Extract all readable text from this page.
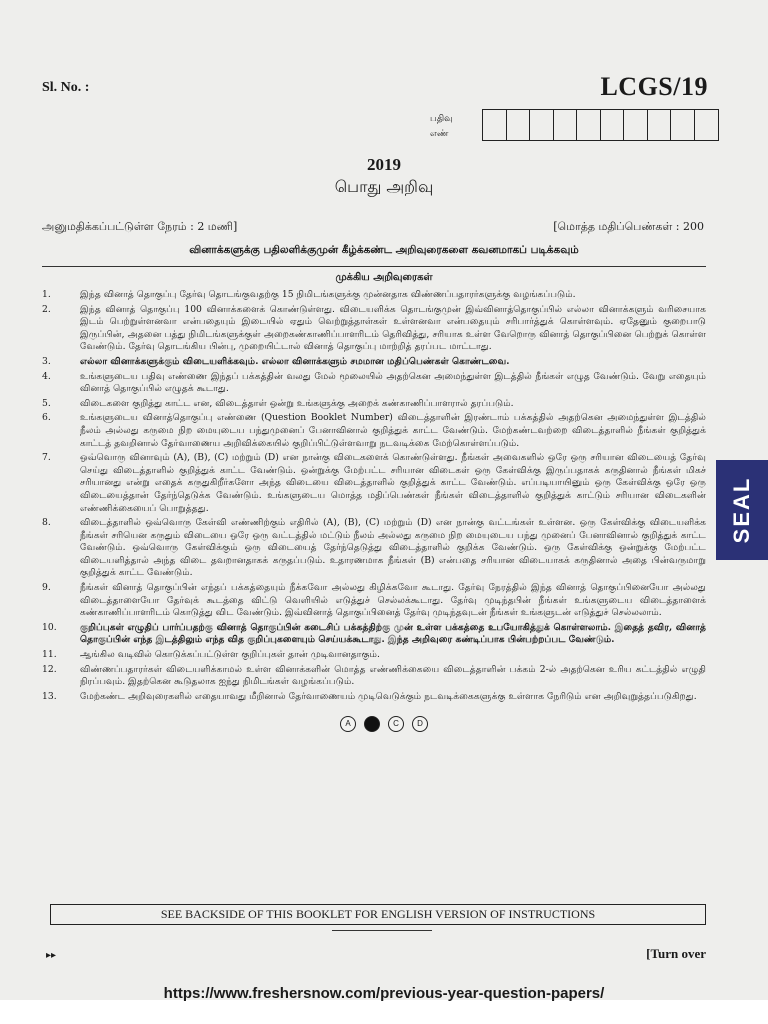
Sl. No. :	LCGS/19
பதிவு
எண்
2019
பொது அறிவு
அனுமதிக்கப்பட்டுள்ள நேரம் : 2 மணி]	[மொத்த மதிப்பெண்கள் : 200
வினாக்களுக்கு பதிலளிக்குமுன் கீழ்க்கண்ட அறிவுரைகளை கவனமாகப் படிக்கவும்
முக்கிய அறிவுரைகள்
1.	இந்த வினாத் தொகுப்பு தேர்வு தொடங்குவதற்கு 15 நிமிடங்களுக்கு முன்னதாக விண்ணப்பதாரர்களுக்கு வழங்கப்படும்.
2.	இந்த வினாத் தொகுப்பு 100 வினாக்களைக் கொண்டுள்ளது. விடையளிக்க தொடங்குமுன் இவ்வினாத்தொகுப்பில் எல்லா வினாக்களும் வரிசையாக இடம் பெற்றுள்ளனவா என்பதையும் இடையில் ஏதும் வெற்றுத்தாள்கள் உள்ளனவா என்பதையும் சரிபார்த்துக் கொள்ளவும். ஏதேனும் குறைபாடு இருப்பின், அதனை பத்து நிமிடங்களுக்குள் அறைகண்காணிப்பாளரிடம் தெரிவித்து, சரியாக உள்ள வேறொரு வினாத் தொகுப்பினை பெற்றுக் கொள்ள வேண்டும். தேர்வு தொடங்கிய பின்பு, முறையிட்டால் வினாத் தொகுப்பு மாற்றித் தரப்பட மாட்டாது.
3.	எல்லா வினாக்களுக்கும் விடையளிக்கவும். எல்லா வினாக்களும் சமமான மதிப்பெண்கள் கொண்டவை.
4.	உங்களுடைய பதிவு எண்ணை இந்தப் பக்கத்தின் வலது மேல் மூலையில் அதற்கென அமைந்துள்ள இடத்தில் நீங்கள் எழுத வேண்டும். வேறு எதையும் வினாத் தொகுப்பில் எழுதக் கூடாது.
5.	விடைகளை குறித்து காட்ட என, விடைத்தாள் ஒன்று உங்களுக்கு அறைக் கண்காணிப்பாளரால் தரப்படும்.
6.	உங்களுடைய வினாத்தொகுப்பு எண்ணை (Question Booklet Number) விடைத்தாளின் இரண்டாம் பக்கத்தில் அதற்கென அமைந்துள்ள இடத்தில் நீலம் அல்லது கருமை நிற மையுடைய பந்துமுனைப் பேனாவினால் குறித்துக் காட்ட வேண்டும். மேற்கண்டவற்றை விடைத்தாளில் நீங்கள் குறித்துக் காட்டத் தவறினால் தேர்வாணைய அறிவிக்கையில் குறிப்பிட்டுள்ளவாறு நடவடிக்கை மேற்கொள்ளப்படும்.
7.	ஒவ்வொரு வினாவும் (A), (B), (C) மற்றும் (D) என நான்கு விடைகளைக் கொண்டுள்ளது. நீங்கள் அவைகளில் ஒரே ஒரு சரியான விடையைத் தேர்வு செய்து விடைத்தாளில் குறித்துக் காட்ட வேண்டும். ஒன்றுக்கு மேற்பட்ட சரியான விடைகள் ஒரு கேள்விக்கு இருப்பதாகக் கருதினால் நீங்கள் மிகச் சரியானது என்று எதைக் கருதுகிறீர்களோ அந்த விடையை விடைத்தாளில் குறித்துக் காட்ட வேண்டும். எப்படியாயினும் ஒரு கேள்விக்கு ஒரே ஒரு விடையைத்தான் தேர்ந்தெடுக்க வேண்டும். உங்களுடைய மொத்த மதிப்பெண்கள் நீங்கள் விடைத்தாளில் குறித்துக் காட்டும் சரியான விடைகளின் எண்ணிக்கையைப் பொறுத்தது.
8.	விடைத்தாளில் ஒவ்வொரு கேள்வி எண்ணிற்கும் எதிரில் (A), (B), (C) மற்றும் (D) என நான்கு வட்டங்கள் உள்ளன. ஒரு கேள்விக்கு விடையளிக்க நீங்கள் சரியென கருதும் விடையை ஒரே ஒரு வட்டத்தில் மட்டும் நீலம் அல்லது கருமை நிற மையுடைய பந்து முனைப் பேனாவினால் குறித்துக் காட்ட வேண்டும். ஒவ்வொரு கேள்விக்கும் ஒரு விடையைத் தேர்ந்தெடுத்து விடைத்தாளில் குறிக்க வேண்டும். ஒரு கேள்விக்கு ஒன்றுக்கு மேற்பட்ட விடையளித்தால் அந்த விடை தவறானதாகக் கருதப்படும். உதாரணமாக நீங்கள் (B) என்பதை சரியான விடையாகக் கருதினால் அதை பின்வருமாறு குறித்துக் காட்ட வேண்டும்.
9.	நீங்கள் வினாத் தொகுப்பின் எந்தப் பக்கத்தையும் நீக்கவோ அல்லது கிழிக்கவோ கூடாது. தேர்வு நேரத்தில் இந்த வினாத் தொகுப்பினையோ அல்லது விடைத்தாளையோ தேர்வுக் கூடத்தை விட்டு வெளியில் எடுத்துச் செல்லக்கூடாது. தேர்வு முடிந்தபின் நீங்கள் உங்களுடைய விடைத்தாளைக் கண்காணிப்பாளரிடம் கொடுத்து விட வேண்டும். இவ்வினாத் தொகுப்பினைத் தேர்வு முடிந்தவுடன் நீங்கள் உங்களுடன் எடுத்துச் செல்லலாம்.
10.	குறிப்புகள் எழுதிப் பார்ப்பதற்கு வினாத் தொகுப்பின் கடைசிப் பக்கத்திற்கு முன் உள்ள பக்கத்தை உபயோகித்துக் கொள்ளலாம். இதைத் தவிர, வினாத் தொகுப்பின் எந்த இடத்திலும் எந்த வித குறிப்புகளையும் செய்யக்கூடாது. இந்த அறிவுரை கண்டிப்பாக பின்பற்றப்பட வேண்டும்.
11.	ஆங்கில வடிவில் கொடுக்கப்பட்டுள்ள குறிப்புகள் தான் முடிவானதாகும்.
12.	விண்ணப்பதாரர்கள் விடையளிக்காமல் உள்ள வினாக்களின் மொத்த எண்ணிக்கையை விடைத்தாளின் பக்கம் 2-ல் அதற்கென உரிய கட்டத்தில் எழுதி நிரப்பவும். இதற்கென கூடுதலாக ஐந்து நிமிடங்கள் வழங்கப்படும்.
13.	மேற்கண்ட அறிவுரைகளில் எதையாவது மீறினால் தேர்வாணையம் முடிவெடுக்கும் நடவடிக்கைகளுக்கு உள்ளாக நேரிடும் என அறிவுறுத்தப்படுகிறது.
A	C	D
SEE BACKSIDE OF THIS BOOKLET FOR ENGLISH VERSION OF INSTRUCTIONS
▸▸	[Turn over
SEAL
https://www.freshersnow.com/previous-year-question-papers/
